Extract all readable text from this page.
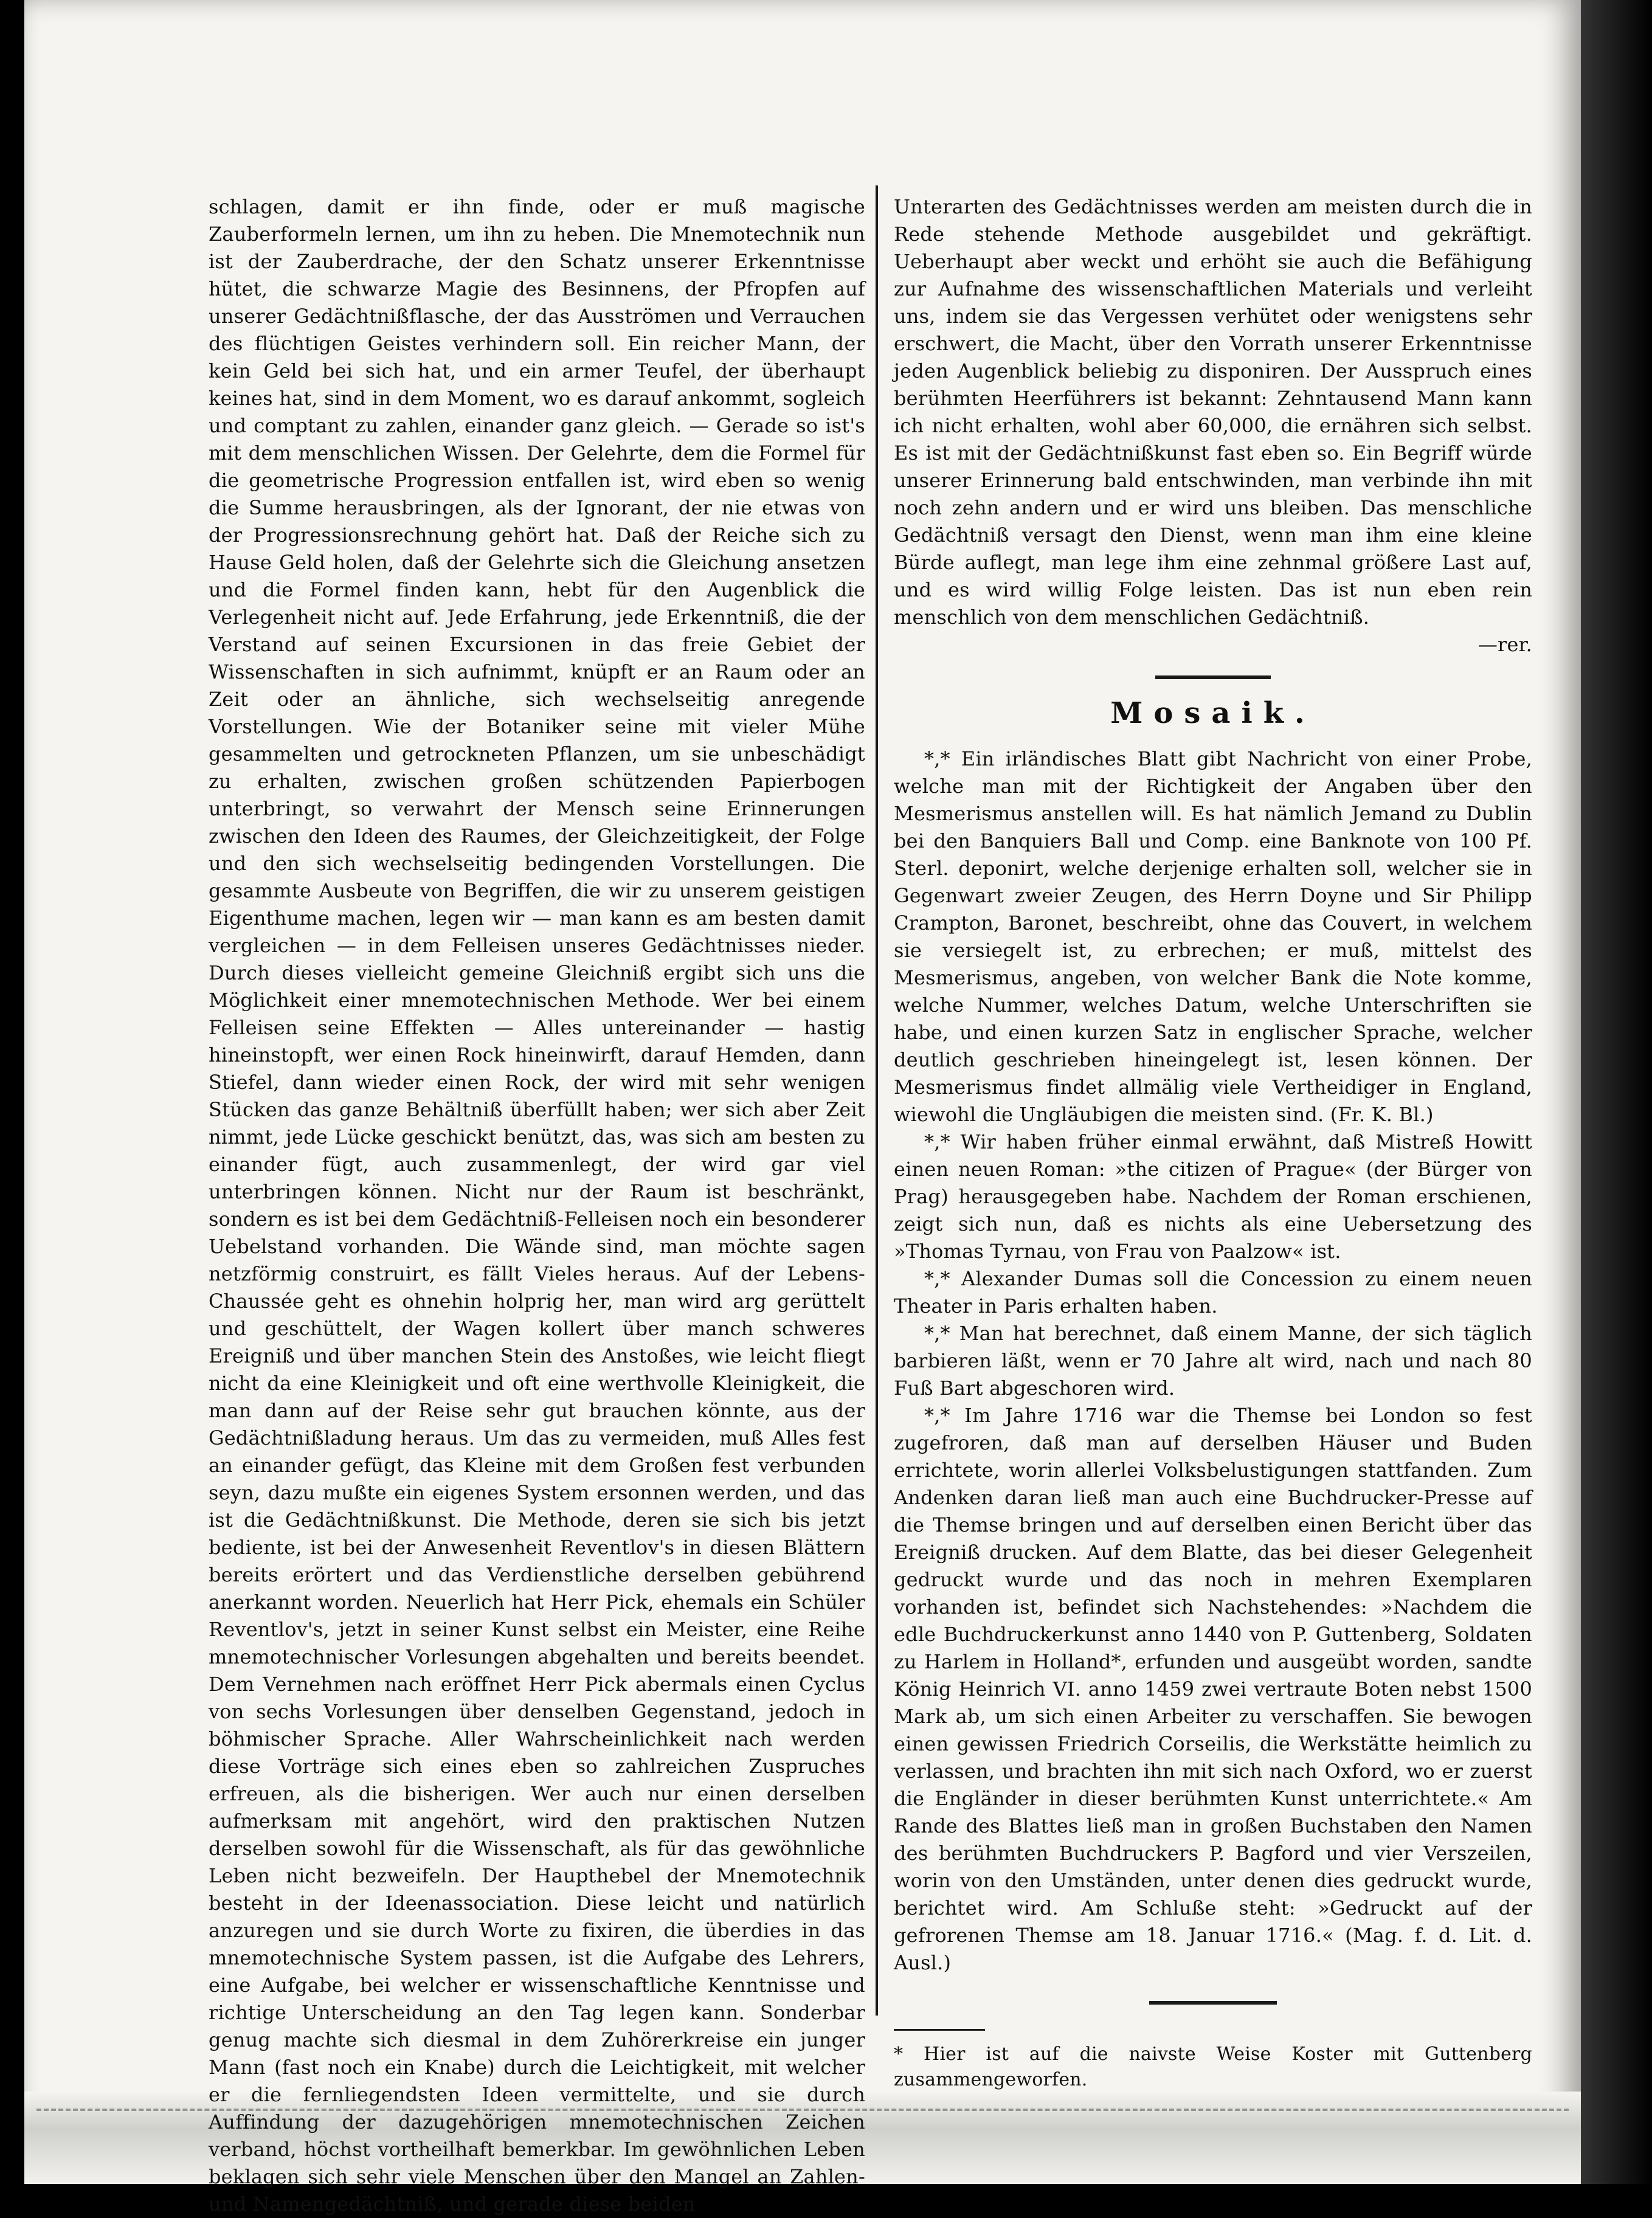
schlagen, damit er ihn finde, oder er muß magische Zauberformeln lernen, um ihn zu heben. Die Mnemotechnik nun ist der Zauberdrache, der den Schatz unserer Erkenntnisse hütet, die schwarze Magie des Besinnens, der Pfropfen auf unserer Gedächtnißflasche, der das Ausströmen und Verrauchen des flüchtigen Geistes verhindern soll. Ein reicher Mann, der kein Geld bei sich hat, und ein armer Teufel, der überhaupt keines hat, sind in dem Moment, wo es darauf ankommt, sogleich und comptant zu zahlen, einander ganz gleich. — Gerade so ist's mit dem menschlichen Wissen. Der Gelehrte, dem die Formel für die geometrische Progression entfallen ist, wird eben so wenig die Summe herausbringen, als der Ignorant, der nie etwas von der Progressionsrechnung gehört hat. Daß der Reiche sich zu Hause Geld holen, daß der Gelehrte sich die Gleichung ansetzen und die Formel finden kann, hebt für den Augenblick die Verlegenheit nicht auf. Jede Erfahrung, jede Erkenntniß, die der Verstand auf seinen Excursionen in das freie Gebiet der Wissenschaften in sich aufnimmt, knüpft er an Raum oder an Zeit oder an ähnliche, sich wechselseitig anregende Vorstellungen. Wie der Botaniker seine mit vieler Mühe gesammelten und getrockneten Pflanzen, um sie unbeschädigt zu erhalten, zwischen großen schützenden Papierbogen unterbringt, so verwahrt der Mensch seine Erinnerungen zwischen den Ideen des Raumes, der Gleichzeitigkeit, der Folge und den sich wechselseitig bedingenden Vorstellungen. Die gesammte Ausbeute von Begriffen, die wir zu unserem geistigen Eigenthume machen, legen wir — man kann es am besten damit vergleichen — in dem Felleisen unseres Gedächtnisses nieder. Durch dieses vielleicht gemeine Gleichniß ergibt sich uns die Möglichkeit einer mnemotechnischen Methode. Wer bei einem Felleisen seine Effekten — Alles untereinander — hastig hineinstopft, wer einen Rock hineinwirft, darauf Hemden, dann Stiefel, dann wieder einen Rock, der wird mit sehr wenigen Stücken das ganze Behältniß überfüllt haben; wer sich aber Zeit nimmt, jede Lücke geschickt benützt, das, was sich am besten zu einander fügt, auch zusammenlegt, der wird gar viel unterbringen können. Nicht nur der Raum ist beschränkt, sondern es ist bei dem Gedächtniß-Felleisen noch ein besonderer Uebelstand vorhanden. Die Wände sind, man möchte sagen netzförmig construirt, es fällt Vieles heraus. Auf der Lebens-Chaussée geht es ohnehin holprig her, man wird arg gerüttelt und geschüttelt, der Wagen kollert über manch schweres Ereigniß und über manchen Stein des Anstoßes, wie leicht fliegt nicht da eine Kleinigkeit und oft eine werthvolle Kleinigkeit, die man dann auf der Reise sehr gut brauchen könnte, aus der Gedächtnißladung heraus. Um das zu vermeiden, muß Alles fest an einander gefügt, das Kleine mit dem Großen fest verbunden seyn, dazu mußte ein eigenes System ersonnen werden, und das ist die Gedächtnißkunst. Die Methode, deren sie sich bis jetzt bediente, ist bei der Anwesenheit Reventlov's in diesen Blättern bereits erörtert und das Verdienstliche derselben gebührend anerkannt worden. Neuerlich hat Herr Pick, ehemals ein Schüler Reventlov's, jetzt in seiner Kunst selbst ein Meister, eine Reihe mnemotechnischer Vorlesungen abgehalten und bereits beendet. Dem Vernehmen nach eröffnet Herr Pick abermals einen Cyclus von sechs Vorlesungen über denselben Gegenstand, jedoch in böhmischer Sprache. Aller Wahrscheinlichkeit nach werden diese Vorträge sich eines eben so zahlreichen Zuspruches erfreuen, als die bisherigen. Wer auch nur einen derselben aufmerksam mit angehört, wird den praktischen Nutzen derselben sowohl für die Wissenschaft, als für das gewöhnliche Leben nicht bezweifeln. Der Haupthebel der Mnemotechnik besteht in der Ideenassociation. Diese leicht und natürlich anzuregen und sie durch Worte zu fixiren, die überdies in das mnemotechnische System passen, ist die Aufgabe des Lehrers, eine Aufgabe, bei welcher er wissenschaftliche Kenntnisse und richtige Unterscheidung an den Tag legen kann. Sonderbar genug machte sich diesmal in dem Zuhörerkreise ein junger Mann (fast noch ein Knabe) durch die Leichtigkeit, mit welcher er die fernliegendsten Ideen vermittelte, und sie durch Auffindung der dazugehörigen mnemotechnischen Zeichen verband, höchst vortheilhaft bemerkbar. Im gewöhnlichen Leben beklagen sich sehr viele Menschen über den Mangel an Zahlen- und Namengedächtniß, und gerade diese beiden

Unterarten des Gedächtnisses werden am meisten durch die in Rede stehende Methode ausgebildet und gekräftigt. Ueberhaupt aber weckt und erhöht sie auch die Befähigung zur Aufnahme des wissenschaftlichen Materials und verleiht uns, indem sie das Vergessen verhütet oder wenigstens sehr erschwert, die Macht, über den Vorrath unserer Erkenntnisse jeden Augenblick beliebig zu disponiren. Der Ausspruch eines berühmten Heerführers ist bekannt: Zehntausend Mann kann ich nicht erhalten, wohl aber 60,000, die ernähren sich selbst. Es ist mit der Gedächtnißkunst fast eben so. Ein Begriff würde unserer Erinnerung bald entschwinden, man verbinde ihn mit noch zehn andern und er wird uns bleiben. Das menschliche Gedächtniß versagt den Dienst, wenn man ihm eine kleine Bürde auflegt, man lege ihm eine zehnmal größere Last auf, und es wird willig Folge leisten. Das ist nun eben rein menschlich von dem menschlichen Gedächtniß.

—rer.

Mosaik.

*,* Ein irländisches Blatt gibt Nachricht von einer Probe, welche man mit der Richtigkeit der Angaben über den Mesmerismus anstellen will. Es hat nämlich Jemand zu Dublin bei den Banquiers Ball und Comp. eine Banknote von 100 Pf. Sterl. deponirt, welche derjenige erhalten soll, welcher sie in Gegenwart zweier Zeugen, des Herrn Doyne und Sir Philipp Crampton, Baronet, beschreibt, ohne das Couvert, in welchem sie versiegelt ist, zu erbrechen; er muß, mittelst des Mesmerismus, angeben, von welcher Bank die Note komme, welche Nummer, welches Datum, welche Unterschriften sie habe, und einen kurzen Satz in englischer Sprache, welcher deutlich geschrieben hineingelegt ist, lesen können. Der Mesmerismus findet allmälig viele Vertheidiger in England, wiewohl die Ungläubigen die meisten sind. (Fr. K. Bl.)

*,* Wir haben früher einmal erwähnt, daß Mistreß Howitt einen neuen Roman: »the citizen of Prague« (der Bürger von Prag) herausgegeben habe. Nachdem der Roman erschienen, zeigt sich nun, daß es nichts als eine Uebersetzung des »Thomas Tyrnau, von Frau von Paalzow« ist.

*,* Alexander Dumas soll die Concession zu einem neuen Theater in Paris erhalten haben.

*,* Man hat berechnet, daß einem Manne, der sich täglich barbieren läßt, wenn er 70 Jahre alt wird, nach und nach 80 Fuß Bart abgeschoren wird.

*,* Im Jahre 1716 war die Themse bei London so fest zugefroren, daß man auf derselben Häuser und Buden errichtete, worin allerlei Volksbelustigungen stattfanden. Zum Andenken daran ließ man auch eine Buchdrucker-Presse auf die Themse bringen und auf derselben einen Bericht über das Ereigniß drucken. Auf dem Blatte, das bei dieser Gelegenheit gedruckt wurde und das noch in mehren Exemplaren vorhanden ist, befindet sich Nachstehendes: »Nachdem die edle Buchdruckerkunst anno 1440 von P. Guttenberg, Soldaten zu Harlem in Holland*, erfunden und ausgeübt worden, sandte König Heinrich VI. anno 1459 zwei vertraute Boten nebst 1500 Mark ab, um sich einen Arbeiter zu verschaffen. Sie bewogen einen gewissen Friedrich Corseilis, die Werkstätte heimlich zu verlassen, und brachten ihn mit sich nach Oxford, wo er zuerst die Engländer in dieser berühmten Kunst unterrichtete.« Am Rande des Blattes ließ man in großen Buchstaben den Namen des berühmten Buchdruckers P. Bagford und vier Verszeilen, worin von den Umständen, unter denen dies gedruckt wurde, berichtet wird. Am Schluße steht: »Gedruckt auf der gefrorenen Themse am 18. Januar 1716.« (Mag. f. d. Lit. d. Ausl.)

* Hier ist auf die naivste Weise Koster mit Guttenberg zusammengeworfen.
